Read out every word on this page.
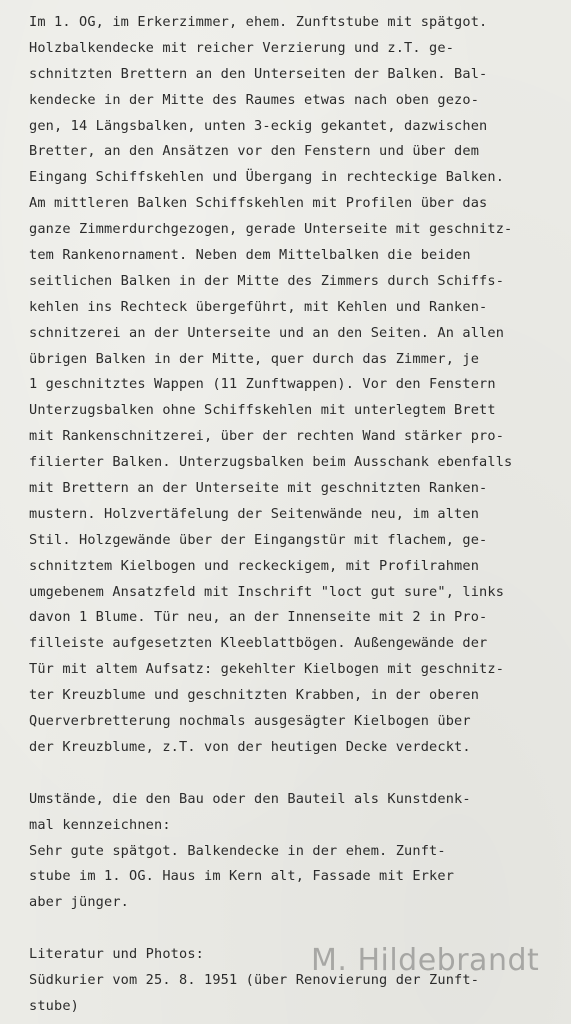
Im 1. OG, im Erkerzimmer, ehem. Zunftstube mit spätgot.
Holzbalkendecke mit reicher Verzierung und z.T. ge-
schnitzten Brettern an den Unterseiten der Balken. Bal-
kendecke in der Mitte des Raumes etwas nach oben gezo-
gen, 14 Längsbalken, unten 3-eckig gekantet, dazwischen
Bretter, an den Ansätzen vor den Fenstern und über dem
Eingang Schiffskehlen und Übergang in rechteckige Balken.
Am mittleren Balken Schiffskehlen mit Profilen über das
ganze Zimmerdurchgezogen, gerade Unterseite mit geschnitz-
tem Rankenornament. Neben dem Mittelbalken die beiden
seitlichen Balken in der Mitte des Zimmers durch Schiffs-
kehlen ins Rechteck übergeführt, mit Kehlen und Ranken-
schnitzerei an der Unterseite und an den Seiten. An allen
übrigen Balken in der Mitte, quer durch das Zimmer, je
1 geschnitztes Wappen (11 Zunftwappen). Vor den Fenstern
Unterzugsbalken ohne Schiffskehlen mit unterlegtem Brett
mit Rankenschnitzerei, über der rechten Wand stärker pro-
filierter Balken. Unterzugsbalken beim Ausschank ebenfalls
mit Brettern an der Unterseite mit geschnitzten Ranken-
mustern. Holzvertäfelung der Seitenwände neu, im alten
Stil. Holzgewände über der Eingangstür mit flachem, ge-
schnitztem Kielbogen und reckeckigem, mit Profilrahmen
umgebenem Ansatzfeld mit Inschrift "loct gut sure", links
davon 1 Blume. Tür neu, an der Innenseite mit 2 in Pro-
filleiste aufgesetzten Kleeblattbögen. Außengewände der
Tür mit altem Aufsatz: gekehlter Kielbogen mit geschnitz-
ter Kreuzblume und geschnitzten Krabben, in der oberen
Querverbretterung nochmals ausgesägter Kielbogen über
der Kreuzblume, z.T. von der heutigen Decke verdeckt.
Umstände, die den Bau oder den Bauteil als Kunstdenk-
mal kennzeichnen:
Sehr gute spätgot. Balkendecke in der ehem. Zunft-
stube im 1. OG. Haus im Kern alt, Fassade mit Erker
aber jünger.
Literatur und Photos:
Südkurier vom 25. 8. 1951 (über Renovierung der Zunft-
stube)
M. Hildebrandt
